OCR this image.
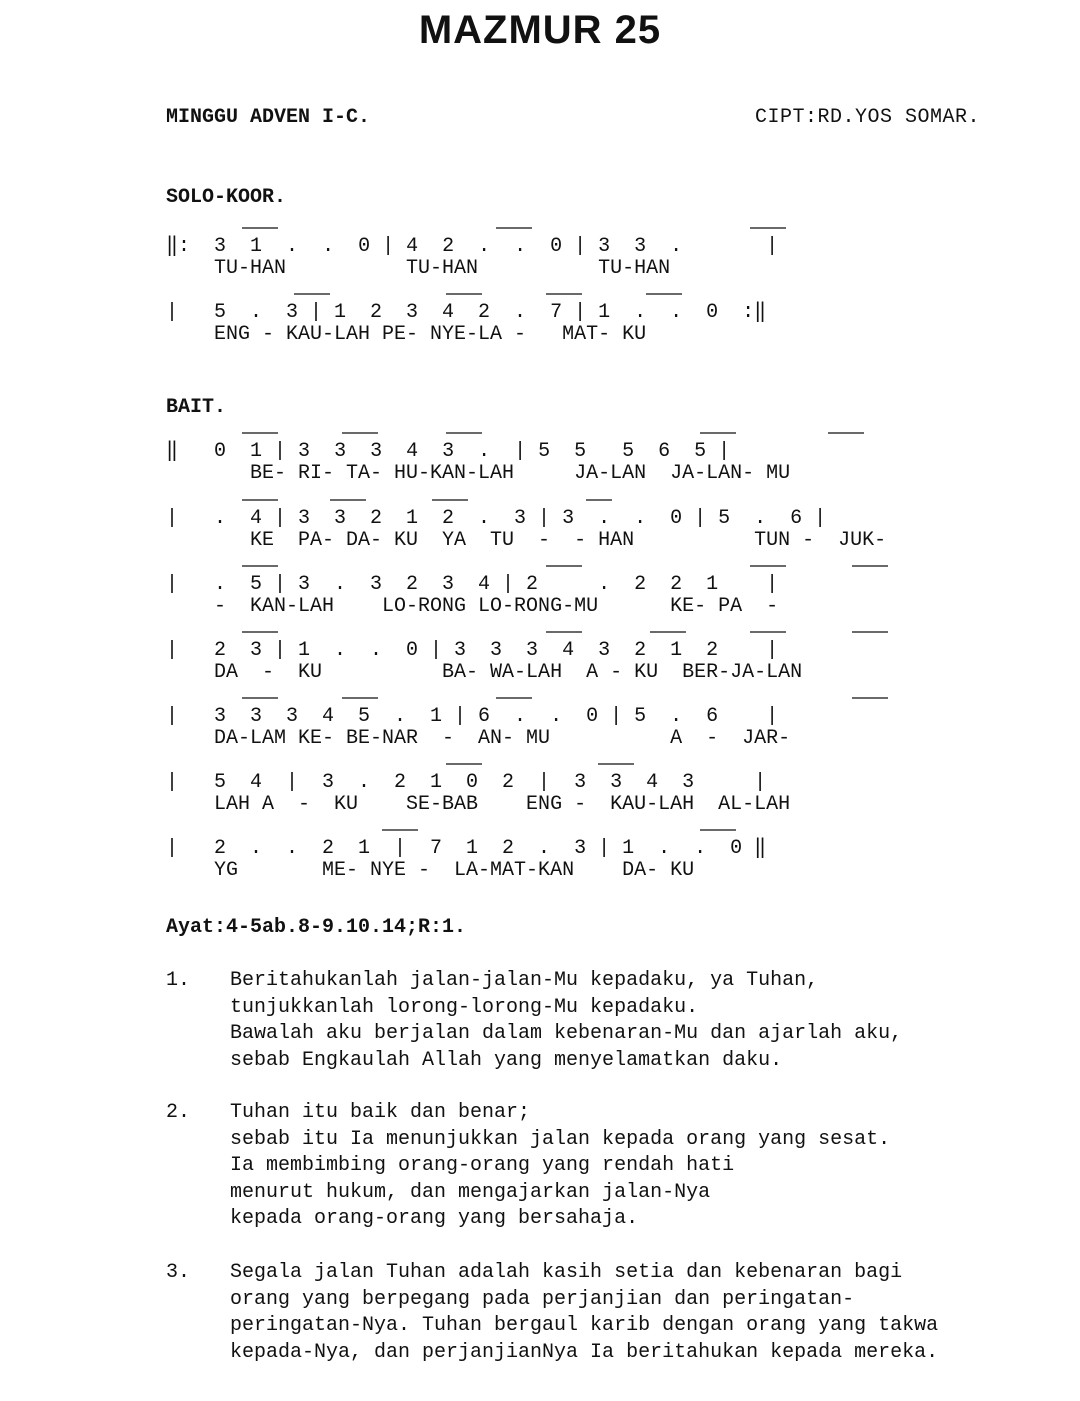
MAZMUR 25
MINGGU ADVEN I-C.	CIPT:RD.YOS SOMAR.
SOLO-KOOR.
‖:  3  1  .  .  0 | 4  2  .  .  0 | 3  3  .       |
TU-HAN          TU-HAN          TU-HAN
|   5  .  3 | 1  2  3  4  2  .  7 | 1  .  .  0  :‖
ENG - KAU-LAH PE- NYE-LA -   MAT- KU
BAIT.
‖   0  1 | 3  3  3  4  3  .  | 5  5   5  6  5 |
BE- RI- TA- HU-KAN-LAH     JA-LAN  JA-LAN- MU
|   .  4 | 3  3  2  1  2  .  3 | 3  .  .  0 | 5  .  6 |
KE  PA- DA- KU  YA  TU  -  - HAN          TUN -  JUK-
|   .  5 | 3  .  3  2  3  4 | 2     .  2  2  1    |
-  KAN-LAH    LO-RONG LO-RONG-MU      KE- PA  -
|   2  3 | 1  .  .  0 | 3  3  3  4  3  2  1  2    |
DA  -  KU          BA- WA-LAH  A - KU  BER-JA-LAN
|   3  3  3  4  5  .  1 | 6  .  .  0 | 5  .  6    |
DA-LAM KE- BE-NAR  -  AN- MU          A  -  JAR-
|   5  4  |  3  .  2  1  0  2  |  3  3  4  3     |
LAH A  -  KU    SE-BAB    ENG -  KAU-LAH  AL-LAH
|   2  .  .  2  1  |  7  1  2  .  3 | 1  .  .  0 ‖
YG       ME- NYE -  LA-MAT-KAN    DA- KU
Ayat:4-5ab.8-9.10.14;R:1.
1. Beritahukanlah jalan-jalan-Mu kepadaku, ya Tuhan,
tunjukkanlah lorong-lorong-Mu kepadaku.
Bawalah aku berjalan dalam kebenaran-Mu dan ajarlah aku,
sebab Engkaulah Allah yang menyelamatkan daku.
2. Tuhan itu baik dan benar;
sebab itu Ia menunjukkan jalan kepada orang yang sesat.
Ia membimbing orang-orang yang rendah hati
menurut hukum, dan mengajarkan jalan-Nya
kepada orang-orang yang bersahaja.
3. Segala jalan Tuhan adalah kasih setia dan kebenaran bagi
orang yang berpegang pada perjanjian dan peringatan-
peringatan-Nya. Tuhan bergaul karib dengan orang yang takwa
kepada-Nya, dan perjanjianNya Ia beritahukan kepada mereka.
